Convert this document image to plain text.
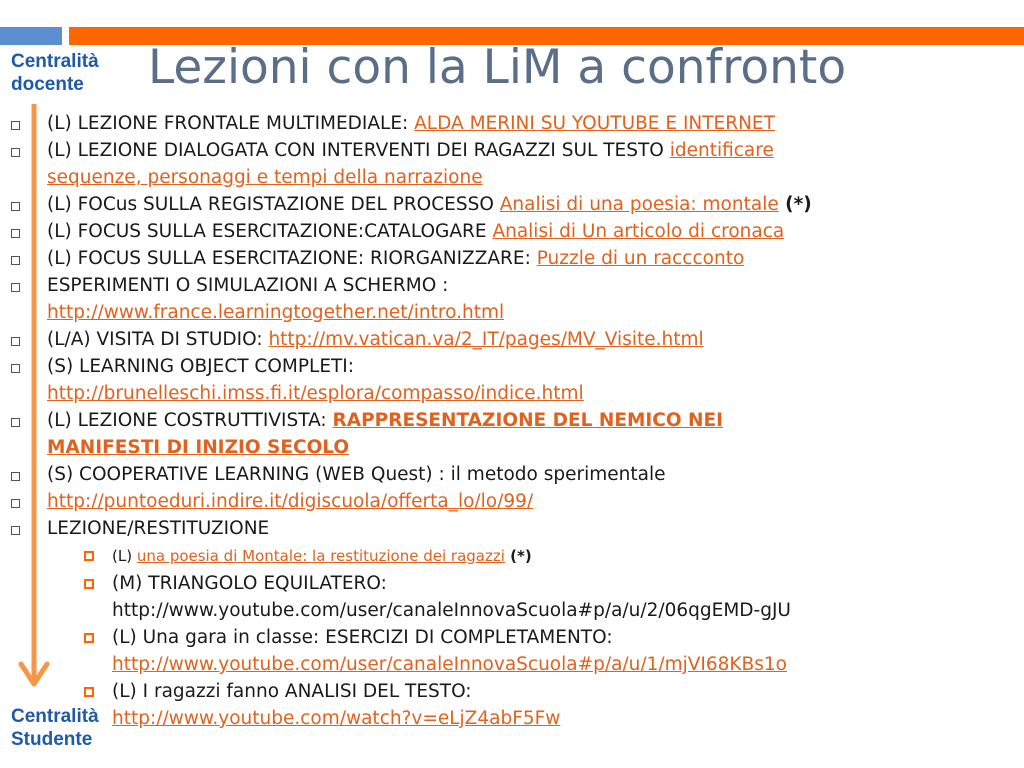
Centralità
docente	Lezioni con la LiM a confronto
(L) LEZIONE FRONTALE MULTIMEDIALE: ALDA MERINI SU YOUTUBE E INTERNET
(L) LEZIONE DIALOGATA CON INTERVENTI DEI RAGAZZI SUL TESTO identificare
sequenze, personaggi e tempi della narrazione
(L) FOCus SULLA REGISTAZIONE DEL PROCESSO Analisi di una poesia: montale (*)
(L) FOCUS SULLA ESERCITAZIONE:CATALOGARE Analisi di Un articolo di cronaca
(L) FOCUS SULLA ESERCITAZIONE: RIORGANIZZARE: Puzzle di un raccconto
ESPERIMENTI O SIMULAZIONI A SCHERMO :
http://www.france.learningtogether.net/intro.html
(L/A) VISITA DI STUDIO: http://mv.vatican.va/2_IT/pages/MV_Visite.html
(S) LEARNING OBJECT COMPLETI:
http://brunelleschi.imss.fi.it/esplora/compasso/indice.html
(L) LEZIONE COSTRUTTIVISTA: RAPPRESENTAZIONE DEL NEMICO NEI
MANIFESTI DI INIZIO SECOLO
(S) COOPERATIVE LEARNING (WEB Quest) : il metodo sperimentale
http://puntoeduri.indire.it/digiscuola/offerta_lo/lo/99/
LEZIONE/RESTITUZIONE
(L) una poesia di Montale: la restituzione dei ragazzi (*)
(M) TRIANGOLO EQUILATERO:
http://www.youtube.com/user/canaleInnovaScuola#p/a/u/2/06qgEMD-gJU
(L) Una gara in classe: ESERCIZI DI COMPLETAMENTO:
http://www.youtube.com/user/canaleInnovaScuola#p/a/u/1/mjVI68KBs1o
(L) I ragazzi fanno ANALISI DEL TESTO:
http://www.youtube.com/watch?v=eLjZ4abF5Fw
Centralità
Studente
